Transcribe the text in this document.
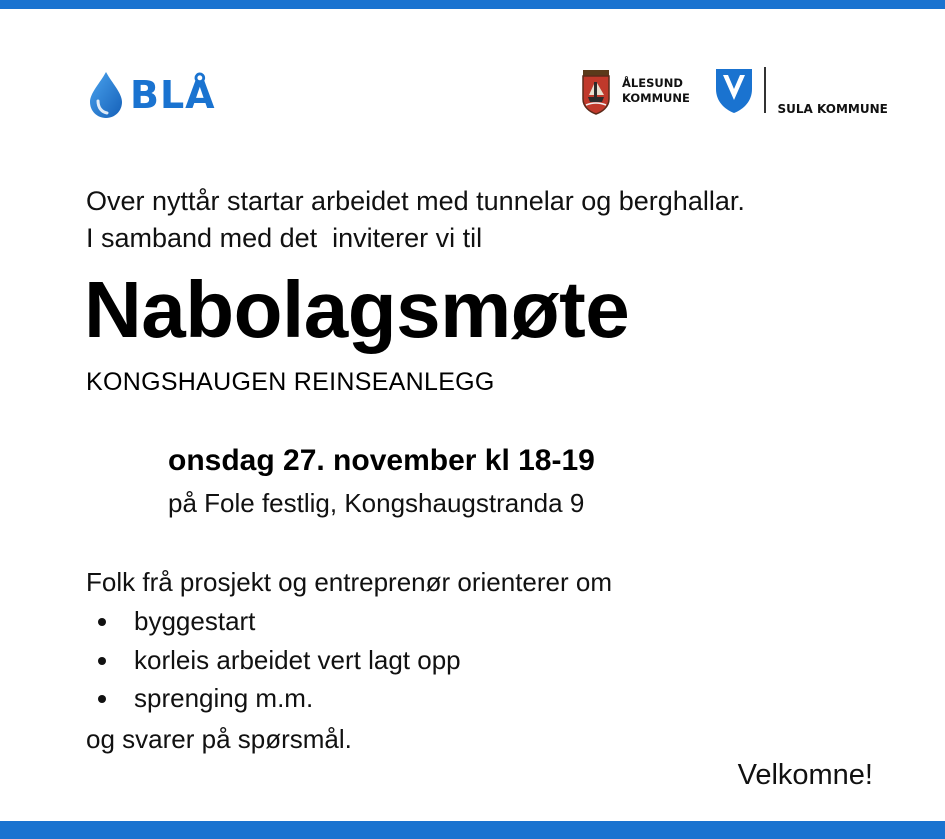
BLÅ	ÅLESUND
KOMMUNE
SULA KOMMUNE
Over nyttår startar arbeidet med tunnelar og berghallar.
I samband med det  inviterer vi til
Nabolagsmøte
KONGSHAUGEN REINSEANLEGG
onsdag 27. november kl 18-19
på Fole festlig, Kongshaugstranda 9
Folk frå prosjekt og entreprenør orienterer om
byggestart
korleis arbeidet vert lagt opp
sprenging m.m.
og svarer på spørsmål.
Velkomne!
